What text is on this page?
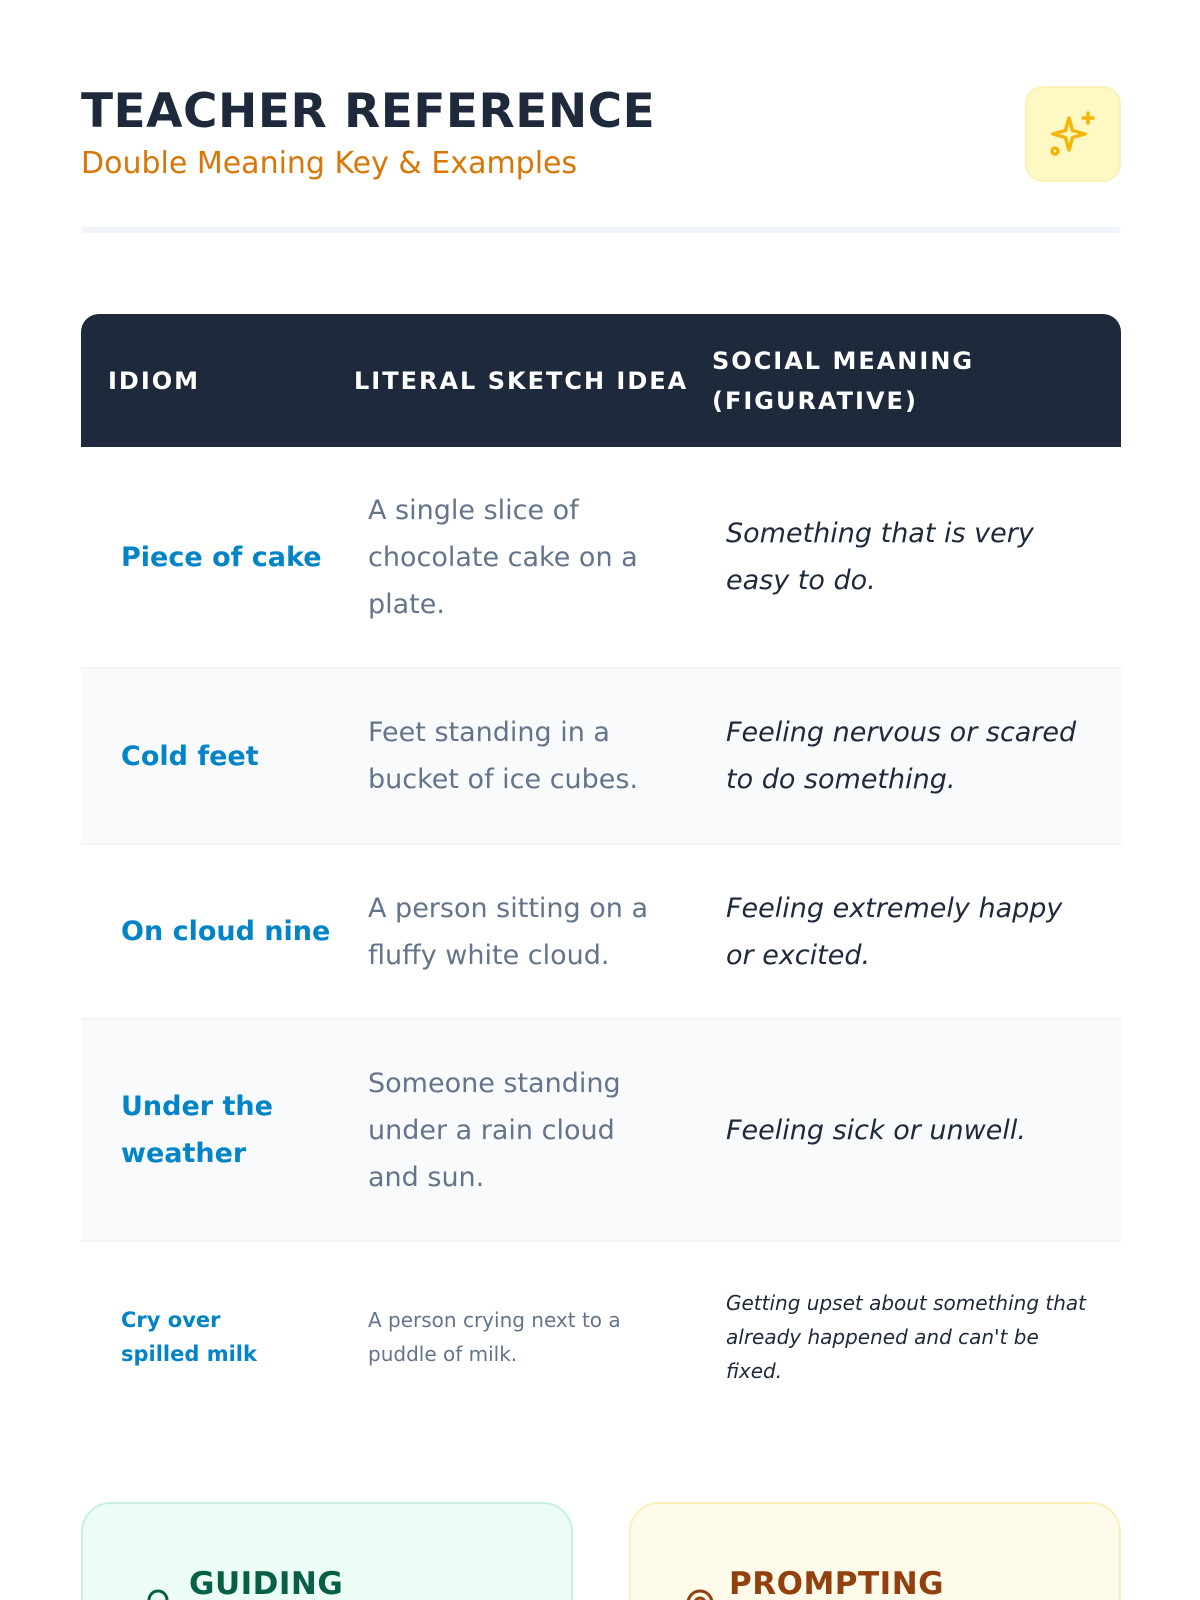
TEACHER REFERENCE
Double Meaning Key & Examples
IDIOM	LITERAL SKETCH IDEA
SOCIAL MEANING (FIGURATIVE)
Piece of cake
A single slice of chocolate cake on a plate.
Something that is very easy to do.
Cold feet
Feet standing in a bucket of ice cubes.
Feeling nervous or scared to do something.
On cloud nine
A person sitting on a fluffy white cloud.
Feeling extremely happy or excited.
Under the weather
Someone standing under a rain cloud and sun.
Feeling sick or unwell.
Cry over spilled milk
A person crying next to a puddle of milk.
Getting upset about something that already happened and can't be fixed.
GUIDING	PROMPTING
